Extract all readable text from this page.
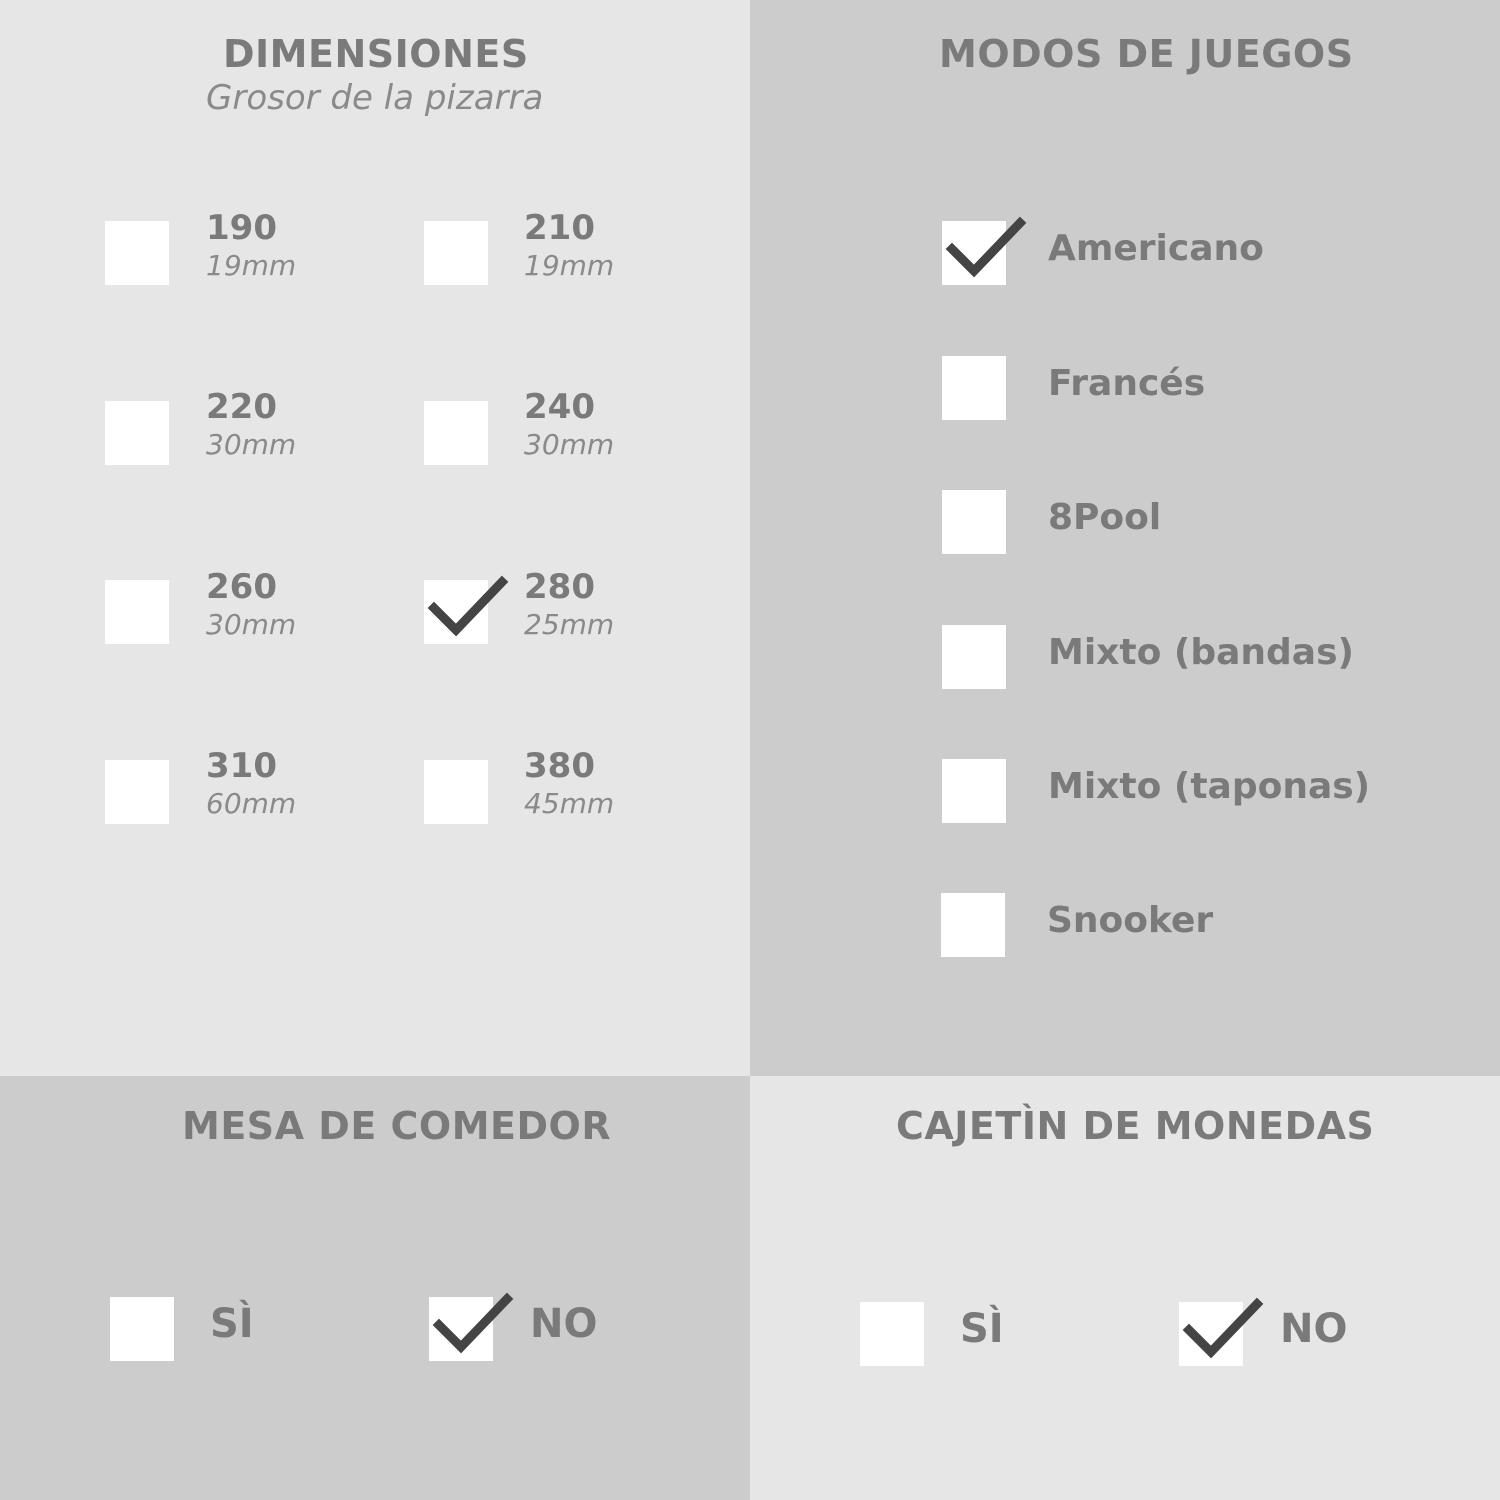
DIMENSIONES
Grosor de la pizarra
190
19mm
210
19mm
220
30mm
240
30mm
260
30mm
280
25mm
310
60mm
380
45mm
MODOS DE JUEGOS
Americano
Francés
8Pool
Mixto (bandas)
Mixto (taponas)
Snooker
MESA DE COMEDOR
SÌ	NO
CAJETÌN DE MONEDAS
SÌ	NO
